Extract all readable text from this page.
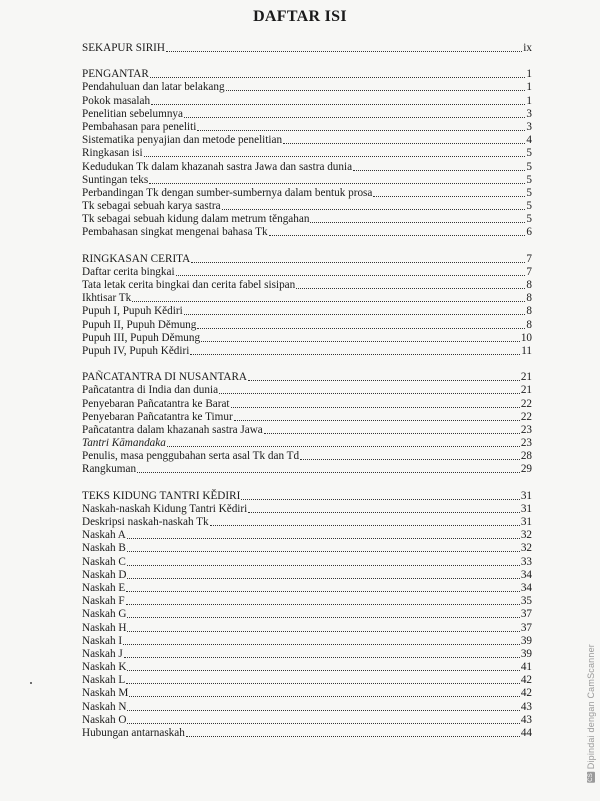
DAFTAR ISI
SEKAPUR SIRIH	ix
PENGANTAR	1
Pendahuluan dan latar belakang	1
Pokok masalah	1
Penelitian sebelumnya	3
Pembahasan para peneliti	3
Sistematika penyajian dan metode penelitian	4
Ringkasan isi	5
Kedudukan Tk dalam khazanah sastra Jawa dan sastra dunia	5
Suntingan teks	5
Perbandingan Tk dengan sumber-sumbernya dalam bentuk prosa	5
Tk sebagai sebuah karya sastra	5
Tk sebagai sebuah kidung dalam metrum těngahan	5
Pembahasan singkat mengenai bahasa Tk	6
RINGKASAN CERITA	7
Daftar cerita bingkai	7
Tata letak cerita bingkai dan cerita fabel sisipan	8
Ikhtisar Tk	8
Pupuh I, Pupuh Kědiri	8
Pupuh II, Pupuh Děmung	8
Pupuh III, Pupuh Děmung	10
Pupuh IV, Pupuh Kědiri	11
PAÑCATANTRA DI NUSANTARA	21
Pañcatantra di India dan dunia	21
Penyebaran Pañcatantra ke Barat	22
Penyebaran Pañcatantra ke Timur	22
Pañcatantra dalam khazanah sastra Jawa	23
Tantri Kāmandaka	23
Penulis, masa penggubahan serta asal Tk dan Td	28
Rangkuman	29
TEKS KIDUNG TANTRI KĚDIRI	31
Naskah-naskah Kidung Tantri Kědiri	31
Deskripsi naskah-naskah Tk	31
Naskah A	32
Naskah B	32
Naskah C	33
Naskah D	34
Naskah E	34
Naskah F	35
Naskah G	37
Naskah H	37
Naskah I	39
Naskah J	39
Naskah K	41
Naskah L	42
Naskah M	42
Naskah N	43
Naskah O	43
Hubungan antarnaskah	44
CS Dipindai dengan CamScanner
